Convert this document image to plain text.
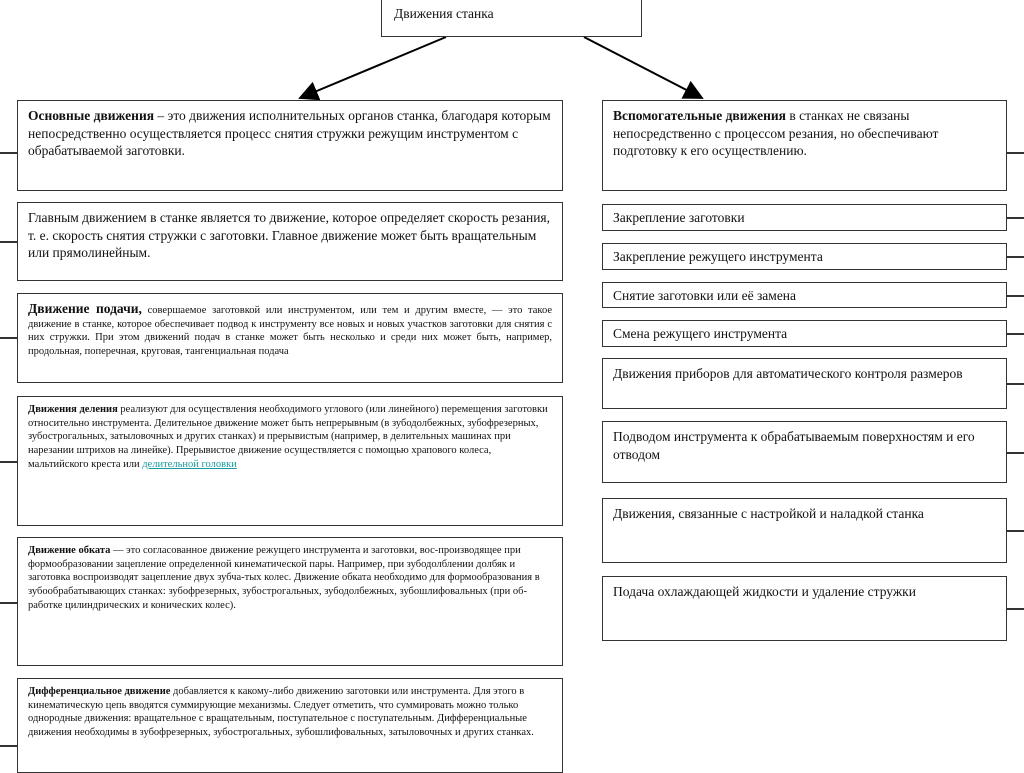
Движения станка
Основные движения – это движения исполнительных органов станка, благодаря которым непосредственно осуществляется процесс снятия стружки режущим инструментом с обрабатываемой заготовки.
Главным движением в станке является то движение, которое определяет скорость резания, т. е. скорость снятия стружки с заготовки. Главное движение может быть вращательным или прямолинейным.
Движение подачи, совершаемое заготовкой или инструментом, или тем и другим вместе, — это такое движение в станке, которое обеспечивает подвод к инструменту все новых и новых участков заготовки для снятия с них стружки. При этом движений подач в станке может быть несколько и среди них может быть, например, продольная, поперечная, круговая, тангенциальная подача
Движения деления реализуют для осуществления необходимого углового (или линейного) перемещения заготовки относительно инструмента. Делительное движение может быть непрерывным (в зубодолбежных, зубофрезерных, зубострогальных, затыловочных и других станках) и прерывистым (например, в делительных машинах при нарезании штрихов на линейке). Прерывистое движение осуществляется с помощью храпового колеса, мальтийского креста или делительной головки
Движение обката — это согласованное движение режущего инструмента и заготовки, вос-производящее при формообразовании зацепление определенной кинематической пары. Например, при зубодолблении долбяк и заготовка воспроизводят зацепление двух зубча-тых колес. Движение обката необходимо для формообразования в зубообрабатывающих станках: зубофрезерных, зубострогальных, зубодолбежных, зубошлифовальных (при об-работке цилиндрических и конических колес).
Дифференциальное движение добавляется к какому-либо движению заготовки или инструмента. Для этого в кинематическую цепь вводятся суммирующие механизмы. Следует отметить, что суммировать можно только однородные движения: вращательное с вращательным, поступательное с поступательным. Дифференциальные движения необходимы в зубофрезерных, зубострогальных, зубошлифовальных, затыловочных и других станках.
Вспомогательные движения в станках не связаны непосредственно с процессом резания, но обеспечивают подготовку к его осуществлению.
Закрепление заготовки
Закрепление режущего инструмента
Снятие заготовки или её замена
Смена режущего инструмента
Движения приборов для автоматического контроля размеров
Подводом инструмента к обрабатываемым поверхностям и его отводом
Движения, связанные с настройкой и наладкой станка
Подача охлаждающей жидкости и удаление стружки
